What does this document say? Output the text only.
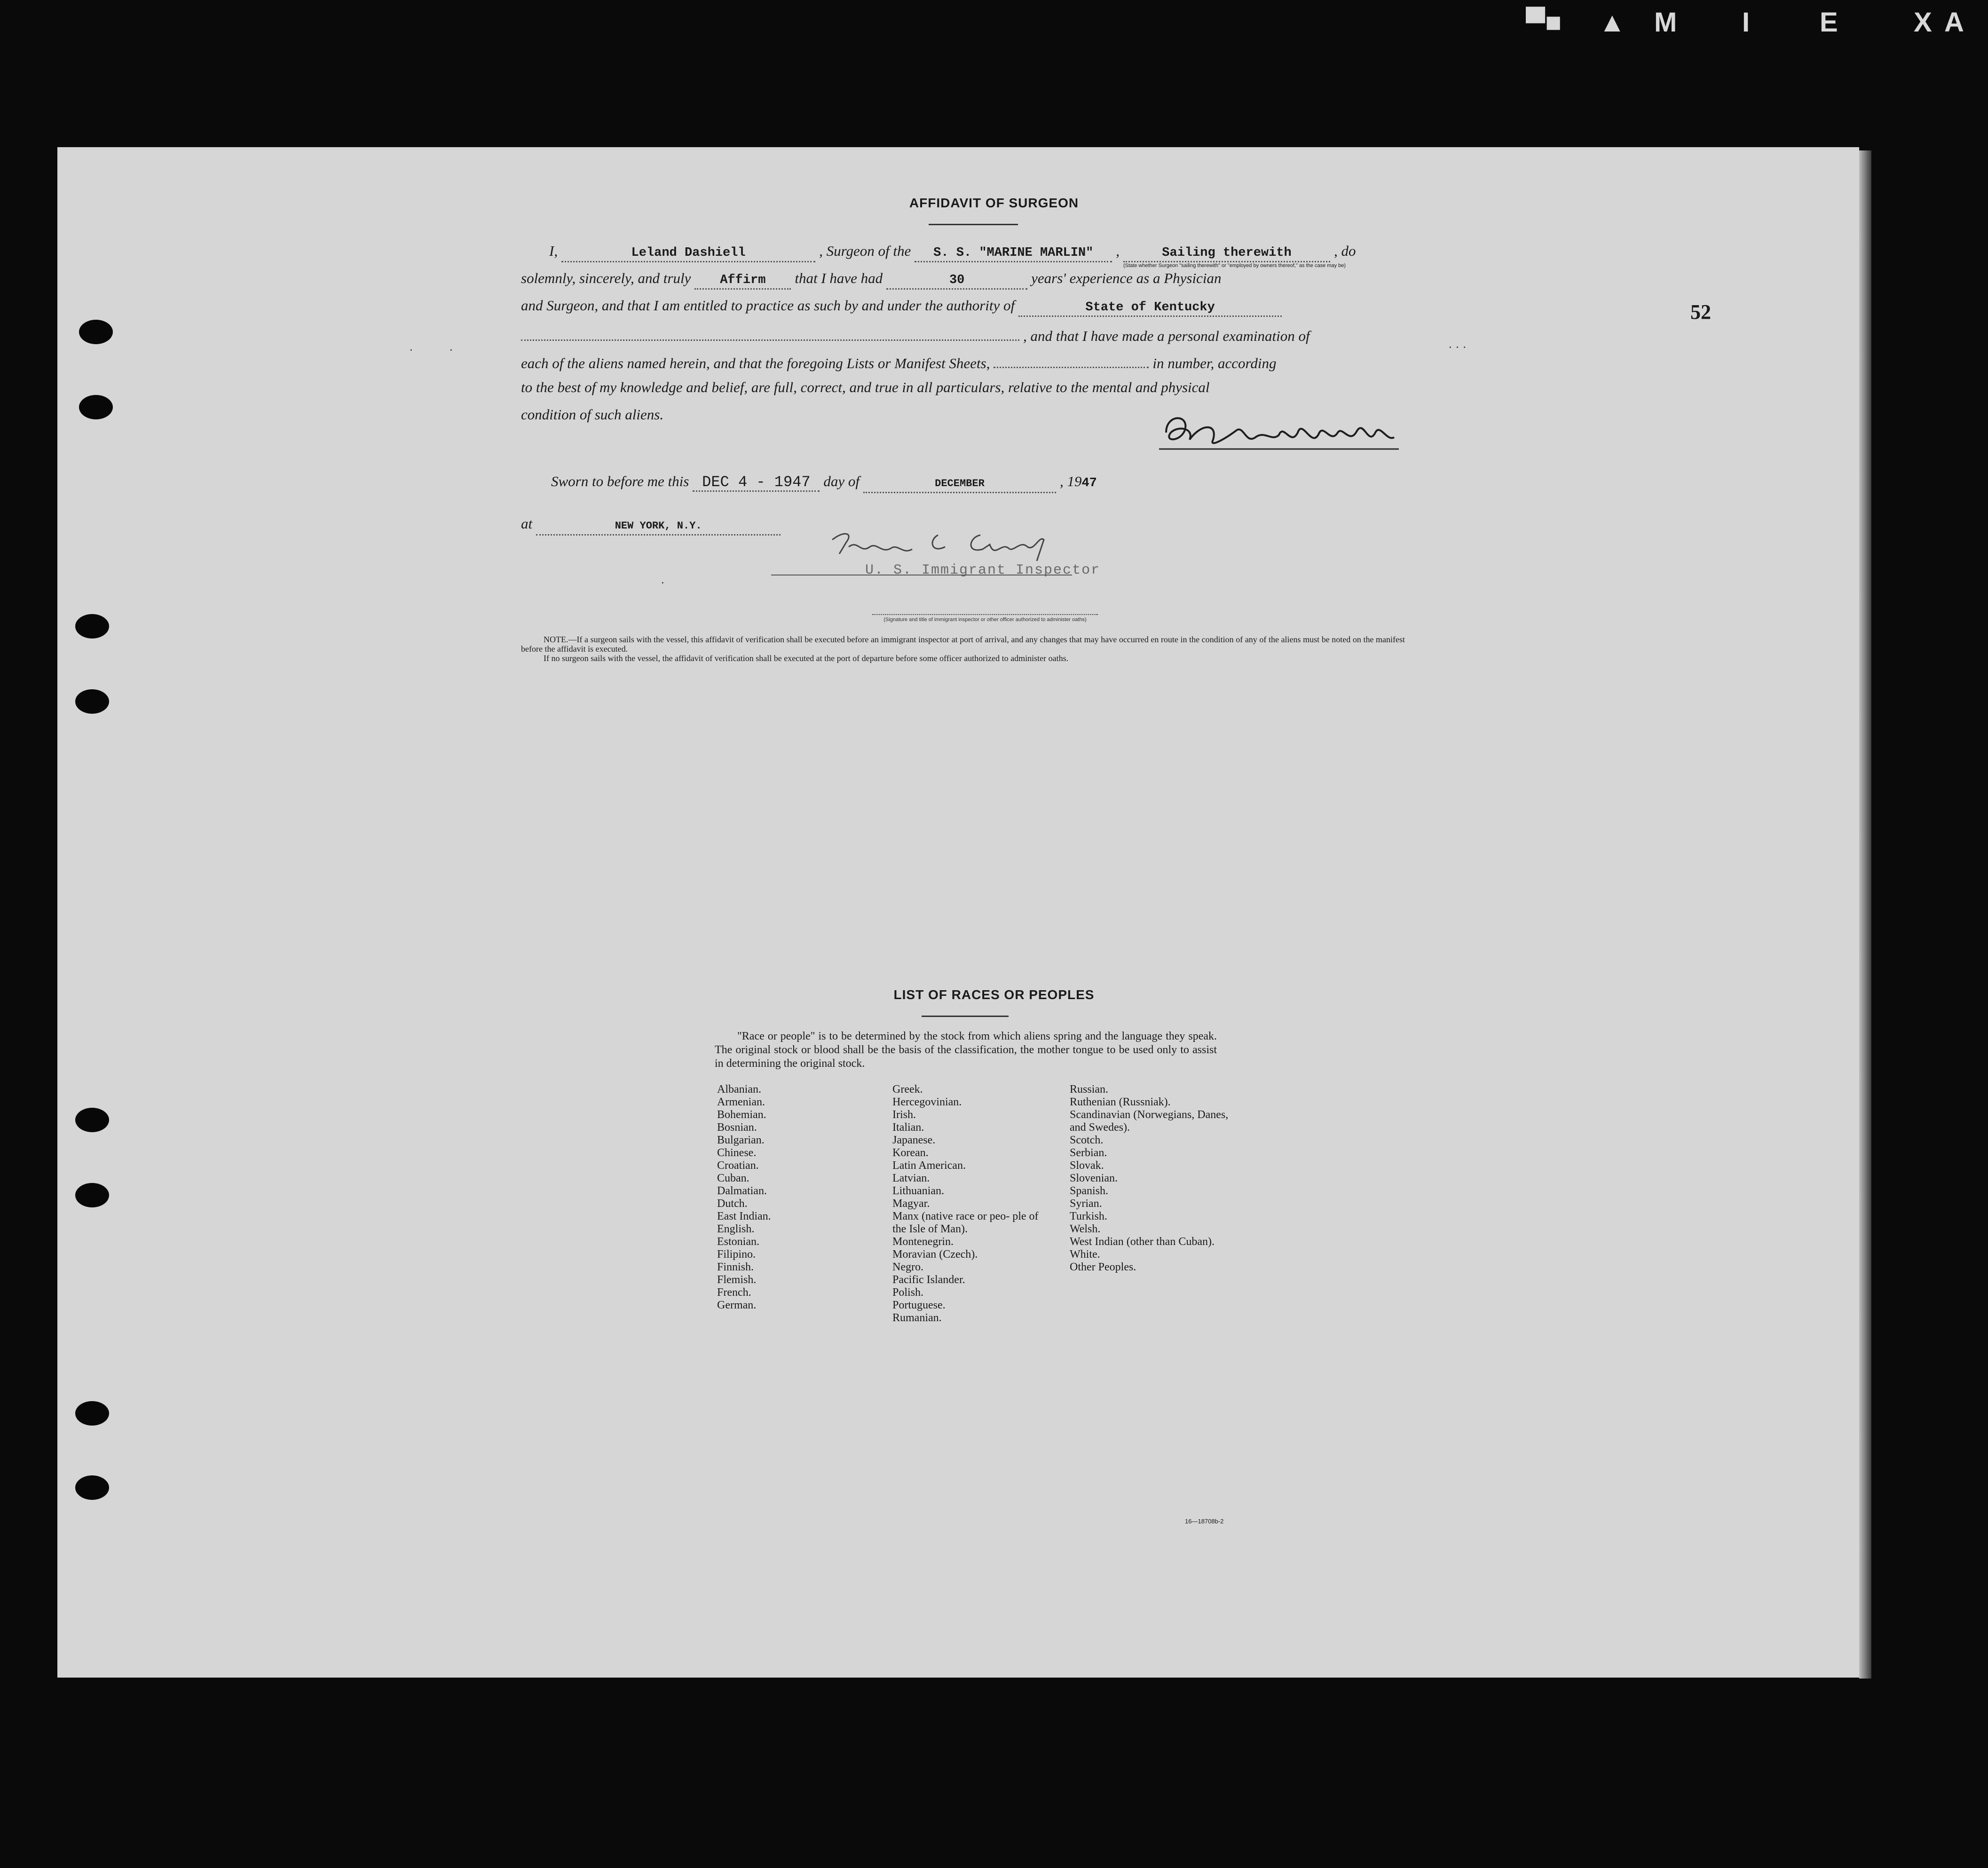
▀■ ▲ M I	E	X A
·	·	· · ·
·
52
AFFIDAVIT OF SURGEON
I,	Leland Dashiell	, Surgeon of the	S. S. "MARINE MARLIN"	,	Sailing therewith
(State whether Surgeon "sailing therewith" or "employed by owners thereof," as the case may be)
, do
solemnly, sincerely, and truly	Affirm	that I have had	30	years' experience as a Physician
and Surgeon, and that I am entitled to practice as such by and under the authority of	State of Kentucky
, and that I have made a personal examination of
each of the aliens named herein, and that the foregoing Lists or Manifest Sheets,	in number, according
to the best of my knowledge and belief, are full, correct, and true in all particulars, relative to the mental and physical
condition of such aliens.
Sworn to before me this DEC 4 - 1947 day of	DECEMBER	, 19 47
at	NEW YORK, N.Y.
U. S. Immigrant Inspector
(Signature and title of immigrant inspector or other officer authorized to administer oaths)

NOTE.—If a surgeon sails with the vessel, this affidavit of verification shall be executed before an immigrant inspector at port of arrival, and any changes that may have occurred en route in the condition of any of the aliens must be noted on the manifest before the affidavit is executed.

If no surgeon sails with the vessel, the affidavit of verification shall be executed at the port of departure before some officer authorized to administer oaths.

LIST OF RACES OR PEOPLES
"Race or people" is to be determined by the stock from which aliens spring and the language they speak. The original stock or blood shall be the basis of the classification, the mother tongue to be used only to assist in determining the original stock.
Albanian.
Armenian.
Bohemian.
Bosnian.
Bulgarian.
Chinese.
Croatian.
Cuban.
Dalmatian.
Dutch.
East Indian.
English.
Estonian.
Filipino.
Finnish.
Flemish.
French.
German.
Greek.
Hercegovinian.
Irish.
Italian.
Japanese.
Korean.
Latin American.
Latvian.
Lithuanian.
Magyar.
Manx (native race or peo- ple of the Isle of Man).
Montenegrin.
Moravian (Czech).
Negro.
Pacific Islander.
Polish.
Portuguese.
Rumanian.
Russian.
Ruthenian (Russniak).
Scandinavian (Norwegians, Danes, and Swedes).
Scotch.
Serbian.
Slovak.
Slovenian.
Spanish.
Syrian.
Turkish.
Welsh.
West Indian (other than Cuban).
White.
Other Peoples.
16—18708b-2
